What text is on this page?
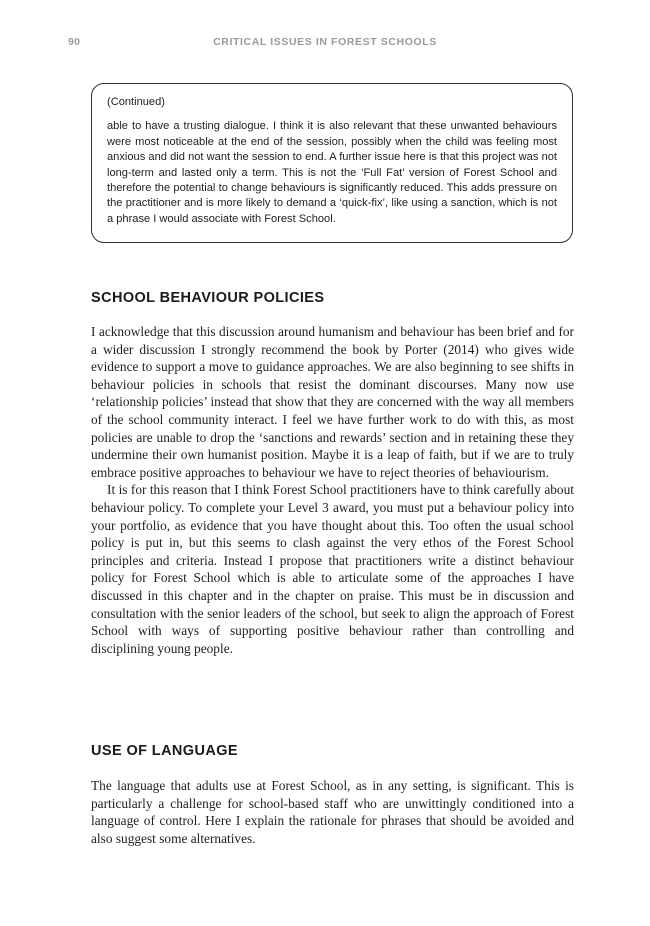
90	CRITICAL ISSUES IN FOREST SCHOOLS

(Continued)

able to have a trusting dialogue. I think it is also relevant that these unwanted behaviours were most noticeable at the end of the session, possibly when the child was feeling most anxious and did not want the session to end. A further issue here is that this project was not long-term and lasted only a term. This is not the ‘Full Fat’ version of Forest School and therefore the potential to change behaviours is significantly reduced. This adds pressure on the practitioner and is more likely to demand a ‘quick-fix’, like using a sanction, which is not a phrase I would associate with Forest School.

SCHOOL BEHAVIOUR POLICIES

I acknowledge that this discussion around humanism and behaviour has been brief and for a wider discussion I strongly recommend the book by Porter (2014) who gives wide evidence to support a move to guidance approaches. We are also beginning to see shifts in behaviour policies in schools that resist the dominant discourses. Many now use ‘relationship policies’ instead that show that they are concerned with the way all members of the school community interact. I feel we have further work to do with this, as most policies are unable to drop the ‘sanctions and rewards’ section and in retaining these they undermine their own humanist position. Maybe it is a leap of faith, but if we are to truly embrace positive approaches to behaviour we have to reject theories of behaviourism.

It is for this reason that I think Forest School practitioners have to think carefully about behaviour policy. To complete your Level 3 award, you must put a behaviour policy into your portfolio, as evidence that you have thought about this. Too often the usual school policy is put in, but this seems to clash against the very ethos of the Forest School principles and criteria. Instead I propose that practitioners write a distinct behaviour policy for Forest School which is able to articulate some of the approaches I have discussed in this chapter and in the chapter on praise. This must be in discussion and consultation with the senior leaders of the school, but seek to align the approach of Forest School with ways of supporting positive behaviour rather than controlling and disciplining young people.

USE OF LANGUAGE

The language that adults use at Forest School, as in any setting, is significant. This is particularly a challenge for school-based staff who are unwittingly conditioned into a language of control. Here I explain the rationale for phrases that should be avoided and also suggest some alternatives.
